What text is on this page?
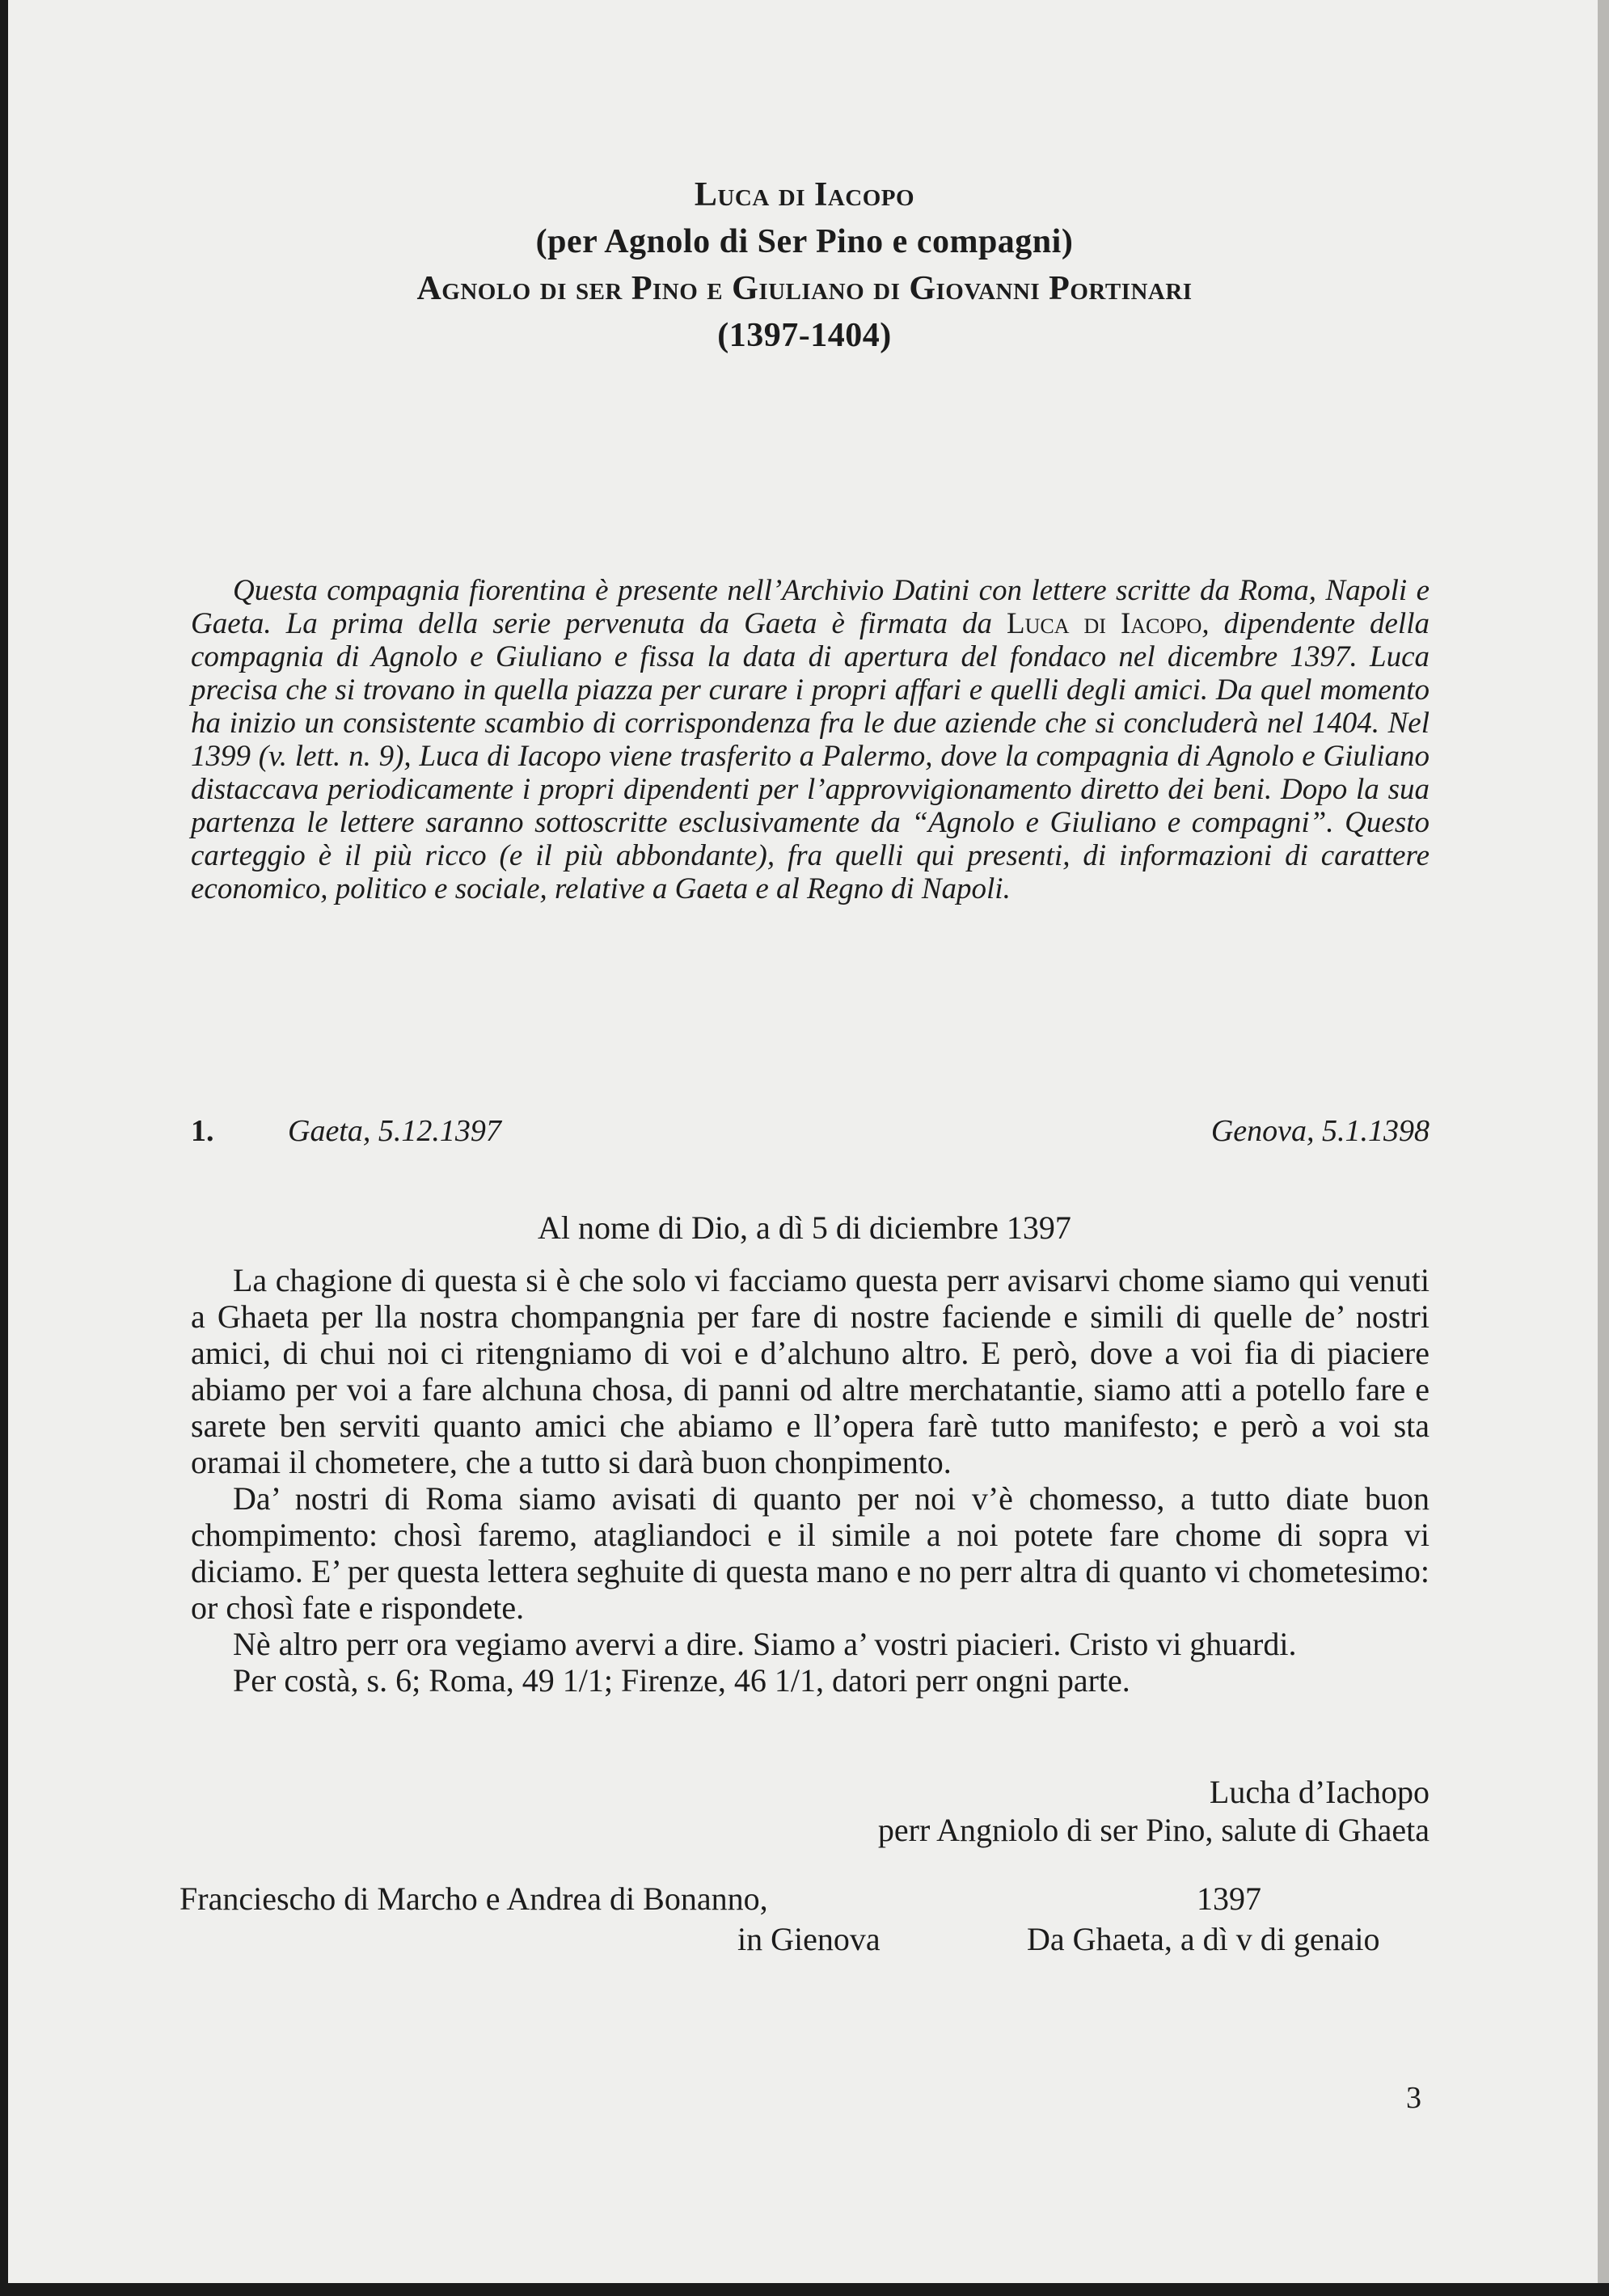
Luca di Iacopo
(per Agnolo di Ser Pino e compagni)
Agnolo di ser Pino e Giuliano di Giovanni Portinari
(1397-1404)

Questa compagnia fiorentina è presente nell’Archivio Datini con lettere scritte da Roma, Napoli e Gaeta. La prima della serie pervenuta da Gaeta è firmata da Luca di Iacopo, dipendente della compagnia di Agnolo e Giuliano e fissa la data di apertura del fondaco nel dicembre 1397. Luca precisa che si trovano in quella piazza per curare i propri affari e quelli degli amici. Da quel momento ha inizio un consistente scambio di corrispondenza fra le due aziende che si concluderà nel 1404. Nel 1399 (v. lett. n. 9), Luca di Iacopo viene trasferito a Palermo, dove la compagnia di Agnolo e Giuliano distaccava periodicamente i propri dipendenti per l’approvvigionamento diretto dei beni. Dopo la sua partenza le lettere saranno sottoscritte esclusivamente da “Agnolo e Giuliano e compagni”. Questo carteggio è il più ricco (e il più abbondante), fra quelli qui presenti, di informazioni di carattere economico, politico e sociale, relative a Gaeta e al Regno di Napoli.

1. Gaeta, 5.12.1397	Genova, 5.1.1398
Al nome di Dio, a dì 5 di diciembre 1397

La chagione di questa si è che solo vi facciamo questa perr avisarvi chome siamo qui venuti a Ghaeta per lla nostra chompangnia per fare di nostre faciende e simili di quelle de’ nostri amici, di chui noi ci ritengniamo di voi e d’alchuno altro. E però, dove a voi fia di piaciere abiamo per voi a fare alchuna chosa, di panni od altre merchatantie, siamo atti a potello fare e sarete ben serviti quanto amici che abiamo e ll’opera farè tutto manifesto; e però a voi sta oramai il chometere, che a tutto si darà buon chonpimento.

Da’ nostri di Roma siamo avisati di quanto per noi v’è chomesso, a tutto diate buon chompimento: chosì faremo, atagliandoci e il simile a noi potete fare chome di sopra vi diciamo. E’ per questa lettera seghuite di questa mano e no perr altra di quanto vi chometesimo: or chosì fate e rispondete.

Nè altro perr ora vegiamo avervi a dire. Siamo a’ vostri piacieri. Cristo vi ghuardi.

Per costà, s. 6; Roma, 49 1/1; Firenze, 46 1/1, datori perr ongni parte.

Lucha d’Iachopo
perr Angniolo di ser Pino, salute di Ghaeta
Franciescho di Marcho e Andrea di Bonanno,
in Gienova
1397
Da Ghaeta, a dì v di genaio
3
